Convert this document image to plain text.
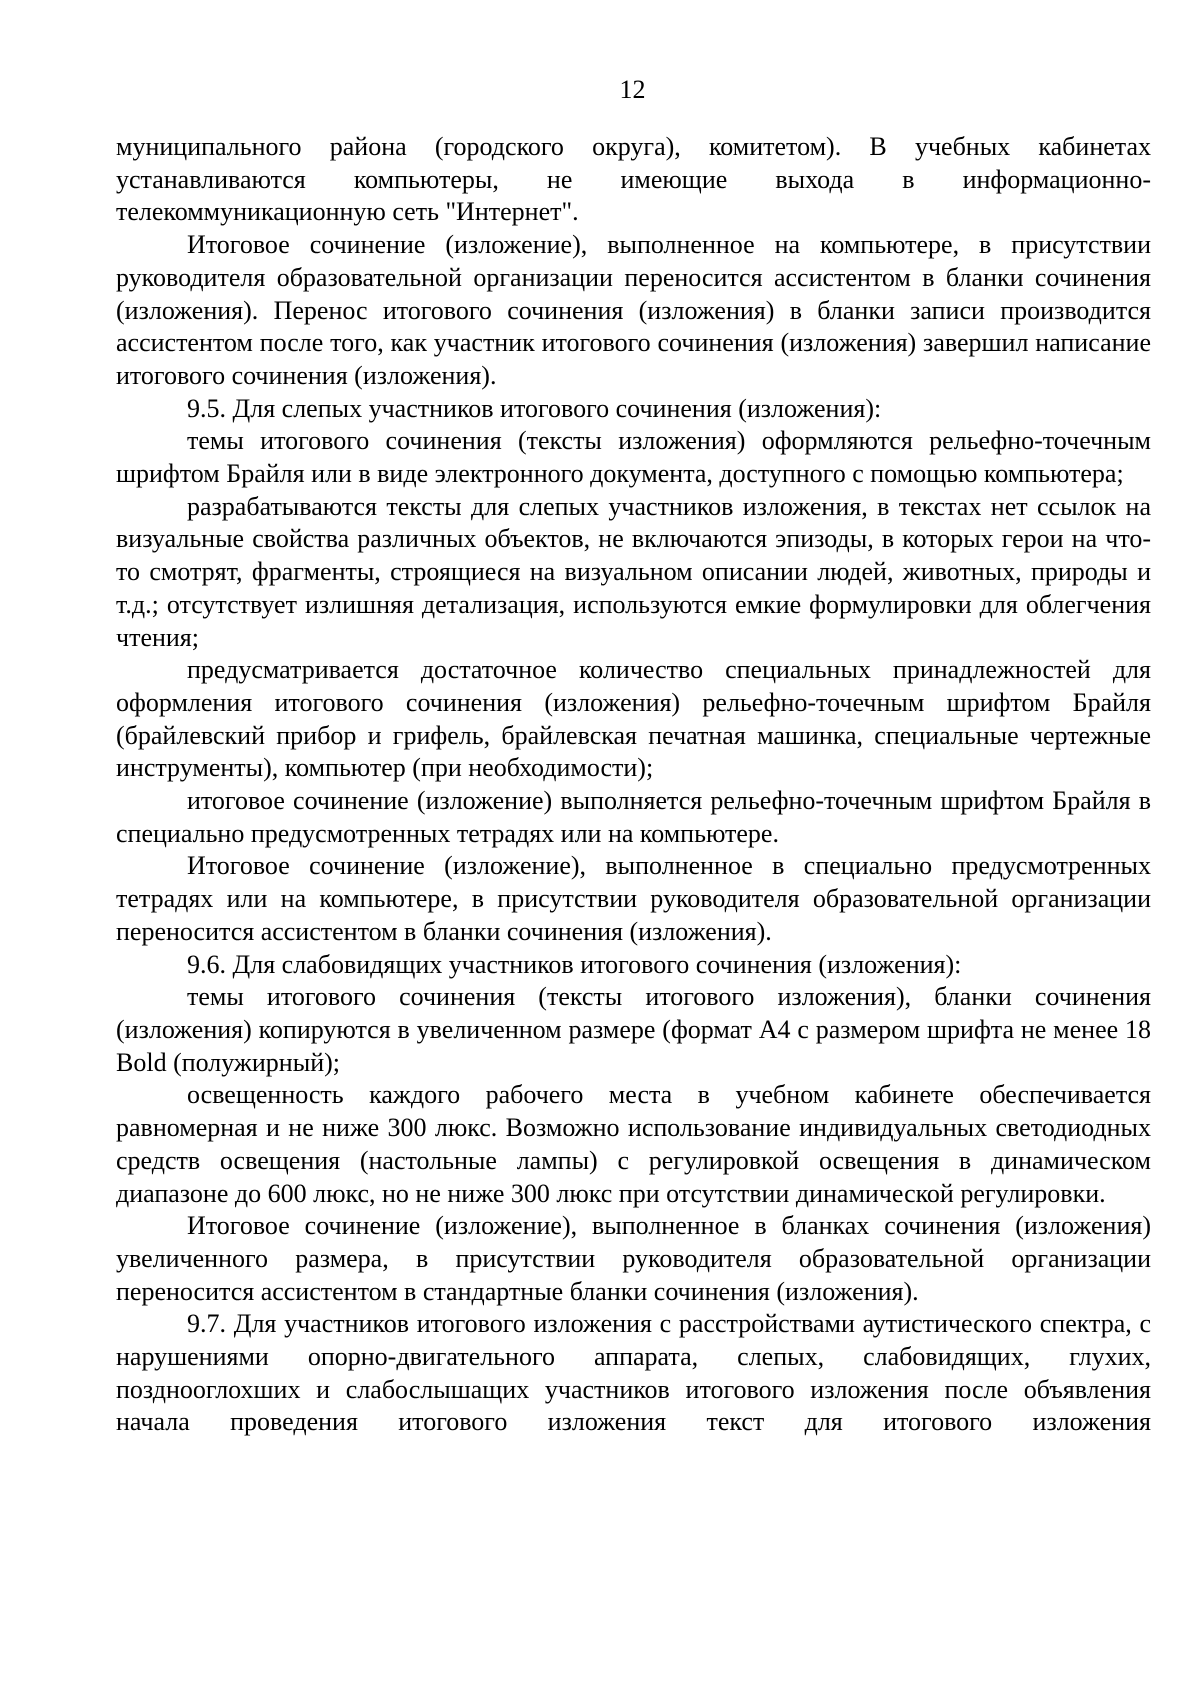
12

муниципального района (городского округа), комитетом). В учебных кабинетах устанавливаются компьютеры, не имеющие выхода в информационно-телекоммуникационную сеть "Интернет".

Итоговое сочинение (изложение), выполненное на компьютере, в присутствии руководителя образовательной организации переносится ассистентом в бланки сочинения (изложения). Перенос итогового сочинения (изложения) в бланки записи производится ассистентом после того, как участник итогового сочинения (изложения) завершил написание итогового сочинения (изложения).

9.5. Для слепых участников итогового сочинения (изложения):

темы итогового сочинения (тексты изложения) оформляются рельефно-точечным шрифтом Брайля или в виде электронного документа, доступного с помощью компьютера;

разрабатываются тексты для слепых участников изложения, в текстах нет ссылок на визуальные свойства различных объектов, не включаются эпизоды, в которых герои на что-то смотрят, фрагменты, строящиеся на визуальном описании людей, животных, природы и т.д.; отсутствует излишняя детализация, используются емкие формулировки для облегчения чтения;

предусматривается достаточное количество специальных принадлежностей для оформления итогового сочинения (изложения) рельефно-точечным шрифтом Брайля (брайлевский прибор и грифель, брайлевская печатная машинка, специальные чертежные инструменты), компьютер (при необходимости);

итоговое сочинение (изложение) выполняется рельефно-точечным шрифтом Брайля в специально предусмотренных тетрадях или на компьютере.

Итоговое сочинение (изложение), выполненное в специально предусмотренных тетрадях или на компьютере, в присутствии руководителя образовательной организации переносится ассистентом в бланки сочинения (изложения).

9.6. Для слабовидящих участников итогового сочинения (изложения):

темы итогового сочинения (тексты итогового изложения), бланки сочинения (изложения) копируются в увеличенном размере (формат А4 с размером шрифта не менее 18 Bold (полужирный);

освещенность каждого рабочего места в учебном кабинете обеспечивается равномерная и не ниже 300 люкс. Возможно использование индивидуальных светодиодных средств освещения (настольные лампы) с регулировкой освещения в динамическом диапазоне до 600 люкс, но не ниже 300 люкс при отсутствии динамической регулировки.

Итоговое сочинение (изложение), выполненное в бланках сочинения (изложения) увеличенного размера, в присутствии руководителя образовательной организации переносится ассистентом в стандартные бланки сочинения (изложения).

9.7. Для участников итогового изложения с расстройствами аутистического спектра, с нарушениями опорно-двигательного аппарата, слепых, слабовидящих, глухих, позднооглохших и слабослышащих участников итогового изложения после объявления начала проведения итогового изложения текст для итогового изложения
